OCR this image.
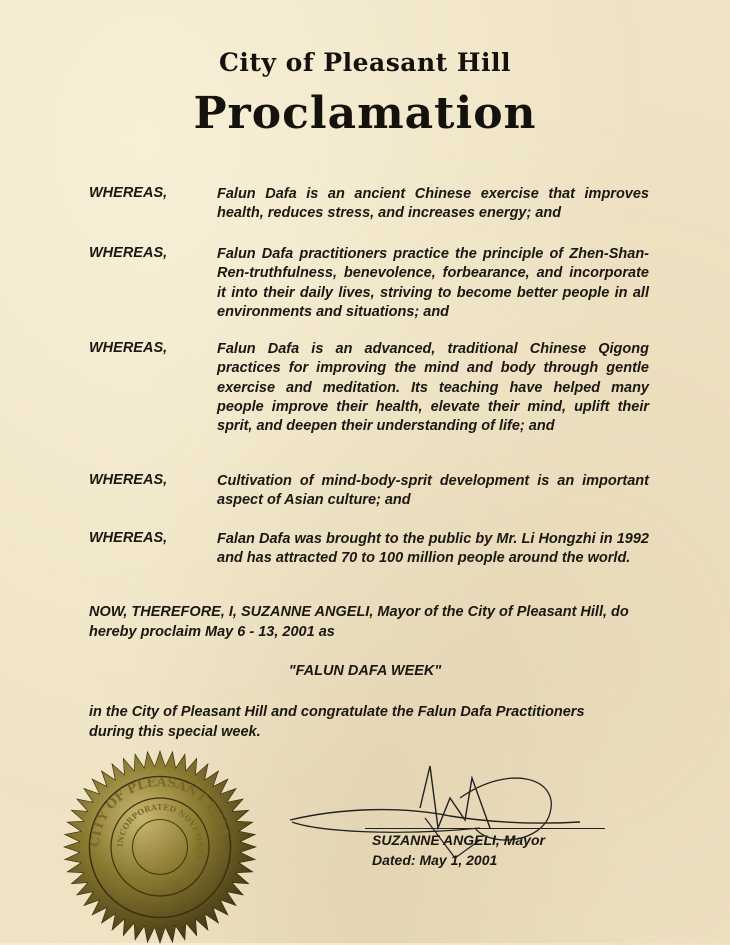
City of Pleasant Hill
Proclamation
WHEREAS,	Falun Dafa is an ancient Chinese exercise that improves health, reduces stress, and increases energy; and
WHEREAS,	Falun Dafa practitioners practice the principle of Zhen-Shan-Ren-truthfulness, benevolence, forbearance, and incorporate it into their daily lives, striving to become better people in all environments and situations; and
WHEREAS,	Falun Dafa is an advanced, traditional Chinese Qigong practices for improving the mind and body through gentle exercise and meditation. Its teaching have helped many people improve their health, elevate their mind, uplift their sprit, and deepen their understanding of life; and
WHEREAS,	Cultivation of mind-body-sprit development is an important aspect of Asian culture; and
WHEREAS,	Falan Dafa was brought to the public by Mr. Li Hongzhi in 1992 and has attracted 70 to 100 million people around the world.
NOW, THEREFORE, I, SUZANNE ANGELI, Mayor of the City of Pleasant Hill, do hereby proclaim May 6 - 13, 2001 as
"FALUN DAFA WEEK"
in the City of Pleasant Hill and congratulate the Falun Dafa Practitioners during this special week.
CITY OF PLEASANT HILL
INCORPORATED NOVEMBER 14, 1961
SUZANNE ANGELI, Mayor
Dated: May 1, 2001
